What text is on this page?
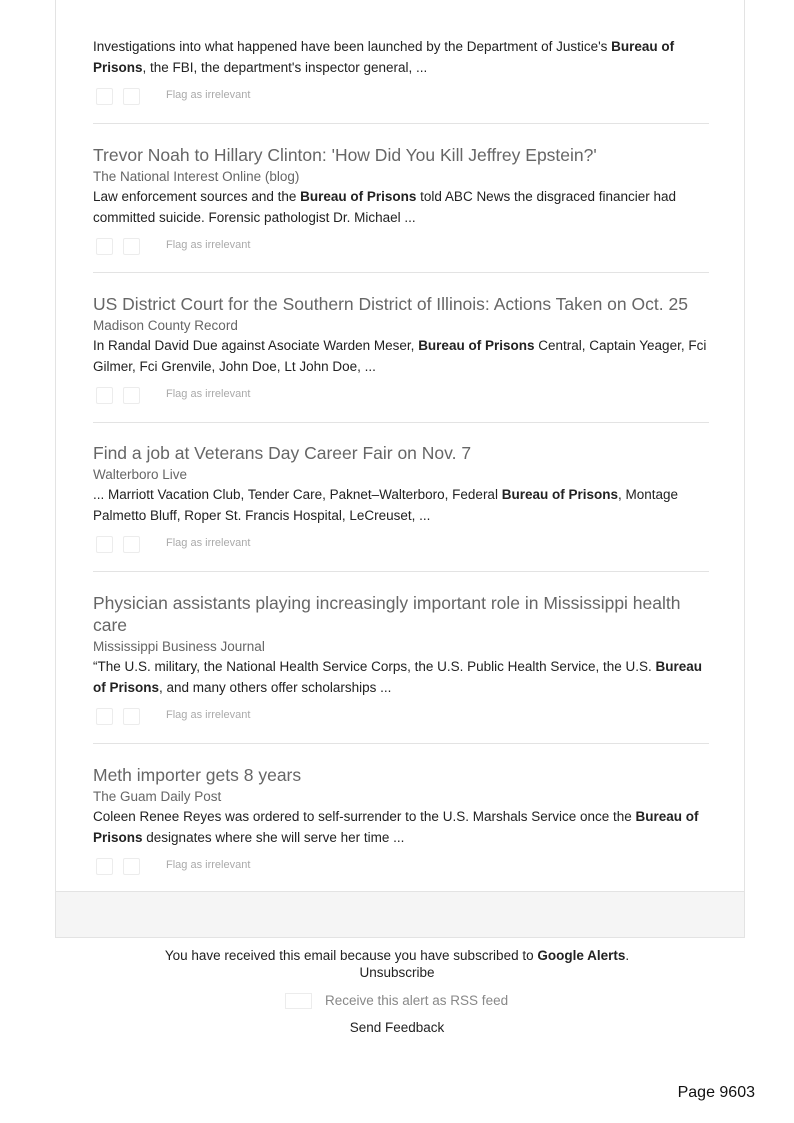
Investigations into what happened have been launched by the Department of Justice's Bureau of Prisons, the FBI, the department's inspector general, ...
Flag as irrelevant
Trevor Noah to Hillary Clinton: 'How Did You Kill Jeffrey Epstein?'
The National Interest Online (blog)
Law enforcement sources and the Bureau of Prisons told ABC News the disgraced financier had committed suicide. Forensic pathologist Dr. Michael ...
Flag as irrelevant
US District Court for the Southern District of Illinois: Actions Taken on Oct. 25
Madison County Record
In Randal David Due against Asociate Warden Meser, Bureau of Prisons Central, Captain Yeager, Fci Gilmer, Fci Grenvile, John Doe, Lt John Doe, ...
Flag as irrelevant
Find a job at Veterans Day Career Fair on Nov. 7
Walterboro Live
... Marriott Vacation Club, Tender Care, Paknet–Walterboro, Federal Bureau of Prisons, Montage Palmetto Bluff, Roper St. Francis Hospital, LeCreuset, ...
Flag as irrelevant
Physician assistants playing increasingly important role in Mississippi health care
Mississippi Business Journal
“The U.S. military, the National Health Service Corps, the U.S. Public Health Service, the U.S. Bureau of Prisons, and many others offer scholarships ...
Flag as irrelevant
Meth importer gets 8 years
The Guam Daily Post
Coleen Renee Reyes was ordered to self-surrender to the U.S. Marshals Service once the Bureau of Prisons designates where she will serve her time ...
Flag as irrelevant
You have received this email because you have subscribed to Google Alerts.
Unsubscribe
Receive this alert as RSS feed
Send Feedback
Page 9603
